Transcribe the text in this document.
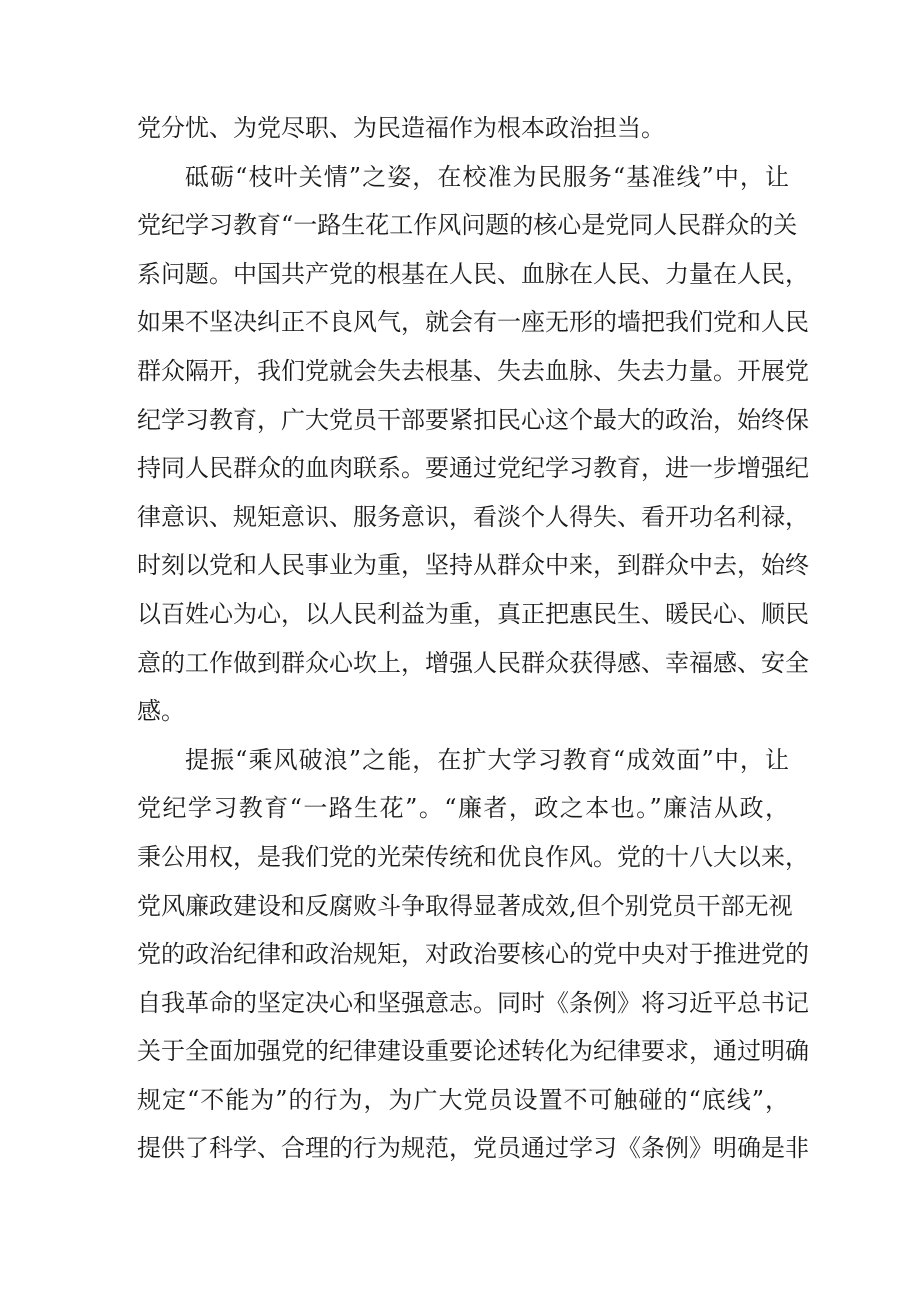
党分忧、为党尽职、为民造福作为根本政治担当。
砥砺“枝叶关情”之姿，在校准为民服务“基准线”中，让
党纪学习教育“一路生花工作风问题的核心是党同人民群众的关
系问题。中国共产党的根基在人民、血脉在人民、力量在人民，
如果不坚决纠正不良风气，就会有一座无形的墙把我们党和人民
群众隔开，我们党就会失去根基、失去血脉、失去力量。开展党
纪学习教育，广大党员干部要紧扣民心这个最大的政治，始终保
持同人民群众的血肉联系。要通过党纪学习教育，进一步增强纪
律意识、规矩意识、服务意识，看淡个人得失、看开功名利禄，
时刻以党和人民事业为重，坚持从群众中来，到群众中去，始终
以百姓心为心，以人民利益为重，真正把惠民生、暖民心、顺民
意的工作做到群众心坎上，增强人民群众获得感、幸福感、安全
感。
提振“乘风破浪”之能，在扩大学习教育“成效面”中，让
党纪学习教育“一路生花”。“廉者，政之本也。”廉洁从政，
秉公用权，是我们党的光荣传统和优良作风。党的十八大以来，
党风廉政建设和反腐败斗争取得显著成效,但个别党员干部无视
党的政治纪律和政治规矩，对政治要核心的党中央对于推进党的
自我革命的坚定决心和坚强意志。同时《条例》将习近平总书记
关于全面加强党的纪律建设重要论述转化为纪律要求，通过明确
规定“不能为”的行为，为广大党员设置不可触碰的“底线”，
提供了科学、合理的行为规范，党员通过学习《条例》明确是非
